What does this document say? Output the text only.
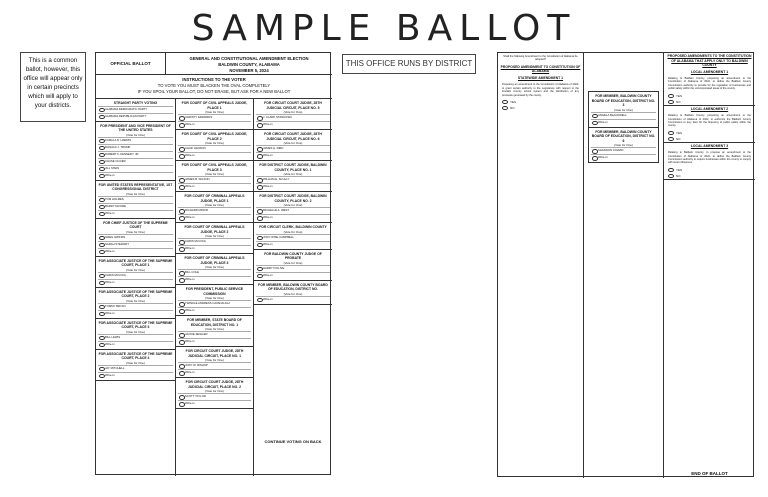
SAMPLE BALLOT
This is a common ballot, however, this office will appear only in certain precincts which will apply to your districts.
THIS OFFICE RUNS BY DISTRICT
OFFICIAL BALLOT
GENERAL AND CONSTITUTIONAL AMENDMENT ELECTION
BALDWIN COUNTY, ALABAMA
NOVEMBER 5, 2024
INSTRUCTIONS TO THE VOTER
TO VOTE YOU MUST BLACKEN THE OVAL COMPLETELY
IF YOU SPOIL YOUR BALLOT, DO NOT ERASE, BUT ASK FOR A NEW BALLOT
STRAIGHT PARTY VOTING
ALABAMA DEMOCRATIC PARTY
ALABAMA REPUBLICAN PARTY
FOR PRESIDENT AND VICE PRESIDENT OF THE UNITED STATES
(Vote for One)
KAMALA D. HARRIS
DONALD J. TRUMP
ROBERT F. KENNEDY, JR.
CHASE OLIVER
JILL STEIN
Write-in
FOR UNITED STATES REPRESENTATIVE, 1ST CONGRESSIONAL DISTRICT
(Vote for One)
TOM HOLMES
BARRY MOORE
Write-in
FOR CHIEF JUSTICE OF THE SUPREME COURT
(Vote for One)
GREG GRIFFIN
SARAH STEWART
Write-in
FOR ASSOCIATE JUSTICE OF THE SUPREME COURT, PLACE 1
(Vote for One)
CHRIS McCOOL
Write-in
FOR ASSOCIATE JUSTICE OF THE SUPREME COURT, PLACE 2
(Vote for One)
TOMMY BRYAN
Write-in
FOR ASSOCIATE JUSTICE OF THE SUPREME COURT, PLACE 3
(Vote for One)
BILL LEWIS
Write-in
FOR ASSOCIATE JUSTICE OF THE SUPREME COURT, PLACE 4
(Vote for One)
JAY MITCHELL
Write-in
FOR COURT OF CIVIL APPEALS JUDGE, PLACE 1
(Vote for One)
CHRISTY EDWARDS
Write-in
FOR COURT OF CIVIL APPEALS JUDGE, PLACE 2
(Vote for One)
CHAD HANSON
Write-in
FOR COURT OF CIVIL APPEALS JUDGE, PLACE 3
(Vote for One)
JAMES B. WILSON
Write-in
FOR COURT OF CRIMINAL APPEALS JUDGE, PLACE 1
(Vote for One)
RICHARD MINOR
Write-in
FOR COURT OF CRIMINAL APPEALS JUDGE, PLACE 2
(Vote for One)
CHRIS McCOOL
Write-in
FOR COURT OF CRIMINAL APPEALS JUDGE, PLACE 3
(Vote for One)
BILL COLE
Write-in
FOR PRESIDENT, PUBLIC SERVICE COMMISSION
(Vote for One)
TWINKLE ANDRESS CAVANAUGH
Write-in
FOR MEMBER, STATE BOARD OF EDUCATION, DISTRICT NO. 1
(Vote for One)
JACKIE ZEIGLER
Write-in
FOR CIRCUIT COURT JUDGE, 28TH JUDICIAL CIRCUIT, PLACE NO. 1
(Vote for One)
JODY W. BISHOP
Write-in
FOR CIRCUIT COURT JUDGE, 28TH JUDICIAL CIRCUIT, PLACE NO. 2
(Vote for One)
SCOTT TAYLOR
Write-in
FOR CIRCUIT COURT JUDGE, 28TH JUDICIAL CIRCUIT, PLACE NO. 5
(Vote for One)
J. CLARK STANKOSKI
Write-in
FOR CIRCUIT COURT JUDGE, 28TH JUDICIAL CIRCUIT, PLACE NO. 6
(Vote for One)
JAMES H. REID
Write-in
FOR DISTRICT COURT JUDGE, BALDWIN COUNTY, PLACE NO. 1
(Vote for One)
WILLIAM E. SCULLY
Write-in
FOR DISTRICT COURT JUDGE, BALDWIN COUNTY, PLACE NO. 2
(Vote for One)
MICHELLE A. WEST
Write-in
FOR CIRCUIT CLERK, BALDWIN COUNTY
(Vote for One)
JODY WISE CAMPBELL
Write-in
FOR BALDWIN COUNTY JUDGE OF PROBATE
(Vote for One)
HARRY D'OLIVE
Write-in
FOR MEMBER, BALDWIN COUNTY BOARD OF EDUCATION, DISTRICT NO.
(Vote for One)
Write-in
CONTINUE VOTING ON BACK
Shall the following Amendment to the Constitution of Alabama be adopted?
PROPOSED AMENDMENT TO CONSTITUTION OF ALABAMA
STATEWIDE AMENDMENT 1
Proposing an amendment to the Constitution of Alabama of 2022, to grant certain authority to the Legislature with respect to the Franklin County school system and the distribution of any proceeds generated by the county.
YES
NO
FOR MEMBER, BALDWIN COUNTY BOARD OF EDUCATION, DISTRICT NO. 3
(Vote for One)
ANGELA BLACKWELL
Write-in
FOR MEMBER, BALDWIN COUNTY BOARD OF EDUCATION, DISTRICT NO. 6
(Vote for One)
SHANNON COWAN
Write-in
PROPOSED AMENDMENTS TO THE CONSTITUTION OF ALABAMA THAT APPLY ONLY TO BALDWIN COUNTY
LOCAL AMENDMENT 1
Relating to Baldwin County, proposing an amendment to the Constitution of Alabama of 2022, to define the Baldwin County Commission authority to provide for the regulation of businesses and public safety within the unincorporated areas of the county.
YES
NO
LOCAL AMENDMENT 2
Relating to Baldwin County, proposing an amendment to the Constitution of Alabama of 2022, to authorize the Baldwin County Commission to levy fees for the financing of public safety within the county.
YES
NO
LOCAL AMENDMENT 3
Relating to Baldwin County, to propose an amendment to the Constitution of Alabama of 2022, to define the Baldwin County Commission authority to require businesses within the county to comply with local ordinances.
YES
NO
END OF BALLOT
